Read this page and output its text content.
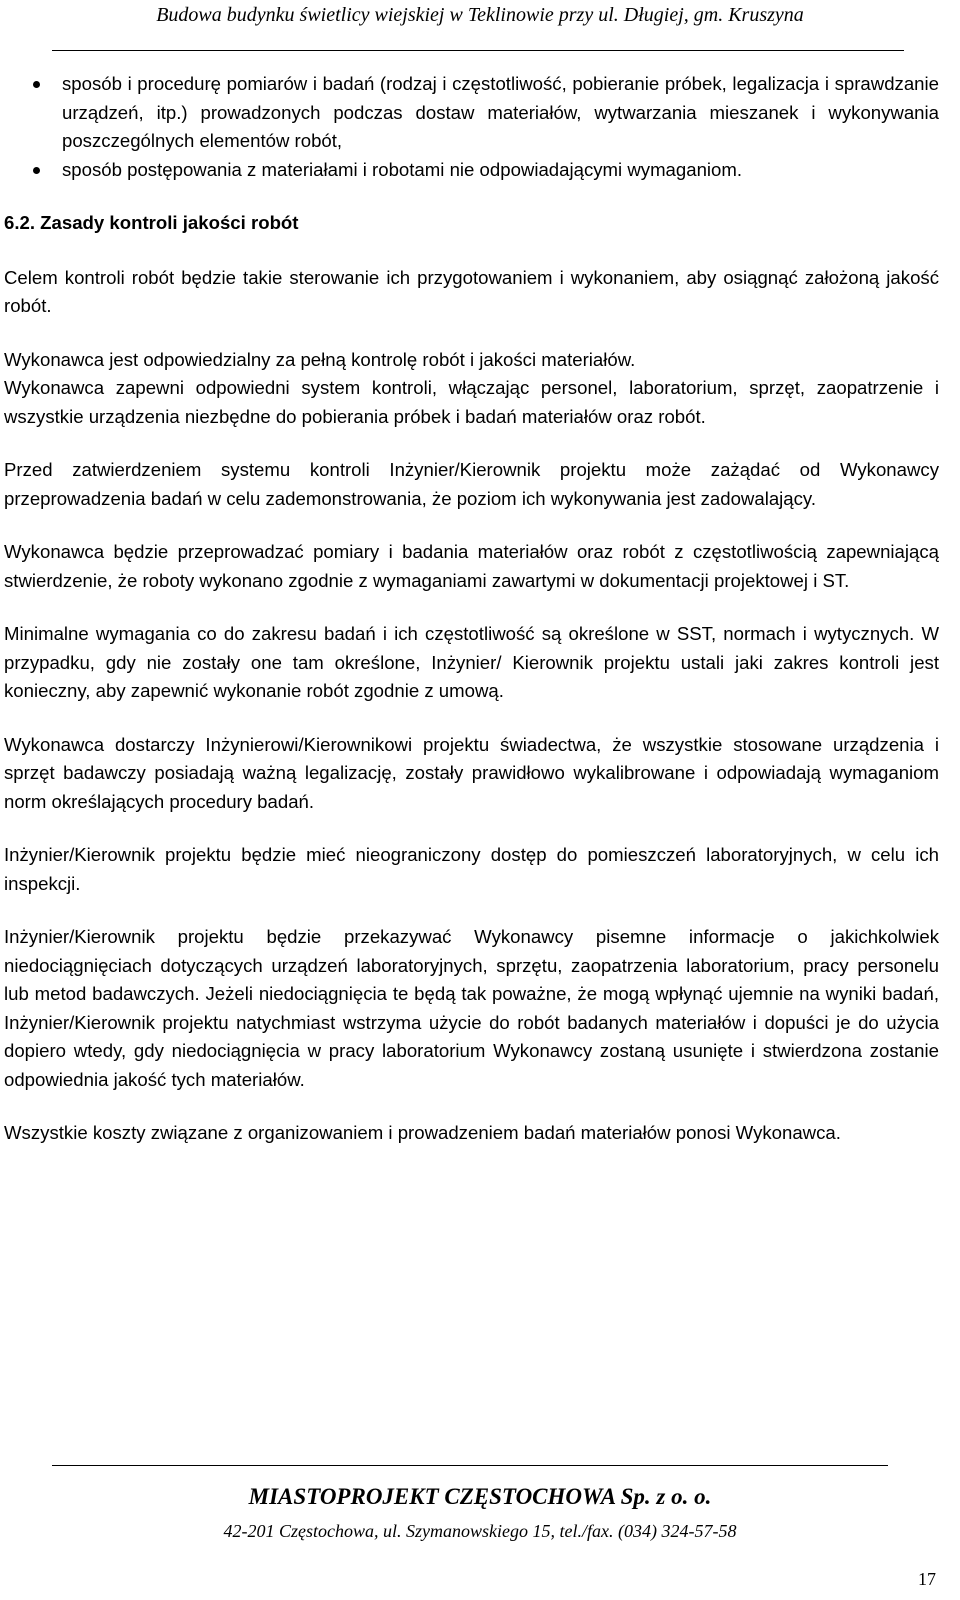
Budowa budynku świetlicy wiejskiej w Teklinowie przy ul. Długiej, gm. Kruszyna
sposób i procedurę pomiarów i badań (rodzaj i częstotliwość, pobieranie próbek, legalizacja i sprawdzanie urządzeń, itp.) prowadzonych podczas dostaw materiałów, wytwarzania mieszanek i wykonywania poszczególnych elementów robót,
sposób postępowania z materiałami i robotami nie odpowiadającymi wymaganiom.
6.2. Zasady kontroli jakości robót

Celem kontroli robót będzie takie sterowanie ich przygotowaniem i wykonaniem, aby osiągnąć założoną jakość robót.

Wykonawca jest odpowiedzialny za pełną kontrolę robót i jakości materiałów.

Wykonawca zapewni odpowiedni system kontroli, włączając personel, laboratorium, sprzęt, zaopatrzenie i wszystkie urządzenia niezbędne do pobierania próbek i badań materiałów oraz robót.

Przed zatwierdzeniem systemu kontroli Inżynier/Kierownik projektu może zażądać od Wykonawcy przeprowadzenia badań w celu zademonstrowania, że poziom ich wykonywania jest zadowalający.

Wykonawca będzie przeprowadzać pomiary i badania materiałów oraz robót z częstotliwością zapewniającą stwierdzenie, że roboty wykonano zgodnie z wymaganiami zawartymi w dokumentacji projektowej i ST.

Minimalne wymagania co do zakresu badań i ich częstotliwość są określone w SST, normach i wytycznych. W przypadku, gdy nie zostały one tam określone, Inżynier/ Kierownik projektu ustali jaki zakres kontroli jest konieczny, aby zapewnić wykonanie robót zgodnie z umową.

Wykonawca dostarczy Inżynierowi/Kierownikowi projektu świadectwa, że wszystkie stosowane urządzenia i sprzęt badawczy posiadają ważną legalizację, zostały prawidłowo wykalibrowane i odpowiadają wymaganiom norm określających procedury badań.

Inżynier/Kierownik projektu będzie mieć nieograniczony dostęp do pomieszczeń laboratoryjnych, w celu ich inspekcji.

Inżynier/Kierownik projektu będzie przekazywać Wykonawcy pisemne informacje o jakichkolwiek niedociągnięciach dotyczących urządzeń laboratoryjnych, sprzętu, zaopatrzenia laboratorium, pracy personelu lub metod badawczych. Jeżeli niedociągnięcia te będą tak poważne, że mogą wpłynąć ujemnie na wyniki badań, Inżynier/Kierownik projektu natychmiast wstrzyma użycie do robót badanych materiałów i dopuści je do użycia dopiero wtedy, gdy niedociągnięcia w pracy laboratorium Wykonawcy zostaną usunięte i stwierdzona zostanie odpowiednia jakość tych materiałów.

Wszystkie koszty związane z organizowaniem i prowadzeniem badań materiałów ponosi Wykonawca.

MIASTOPROJEKT CZĘSTOCHOWA Sp. z o. o.
42-201 Częstochowa, ul. Szymanowskiego 15, tel./fax. (034) 324-57-58
17
